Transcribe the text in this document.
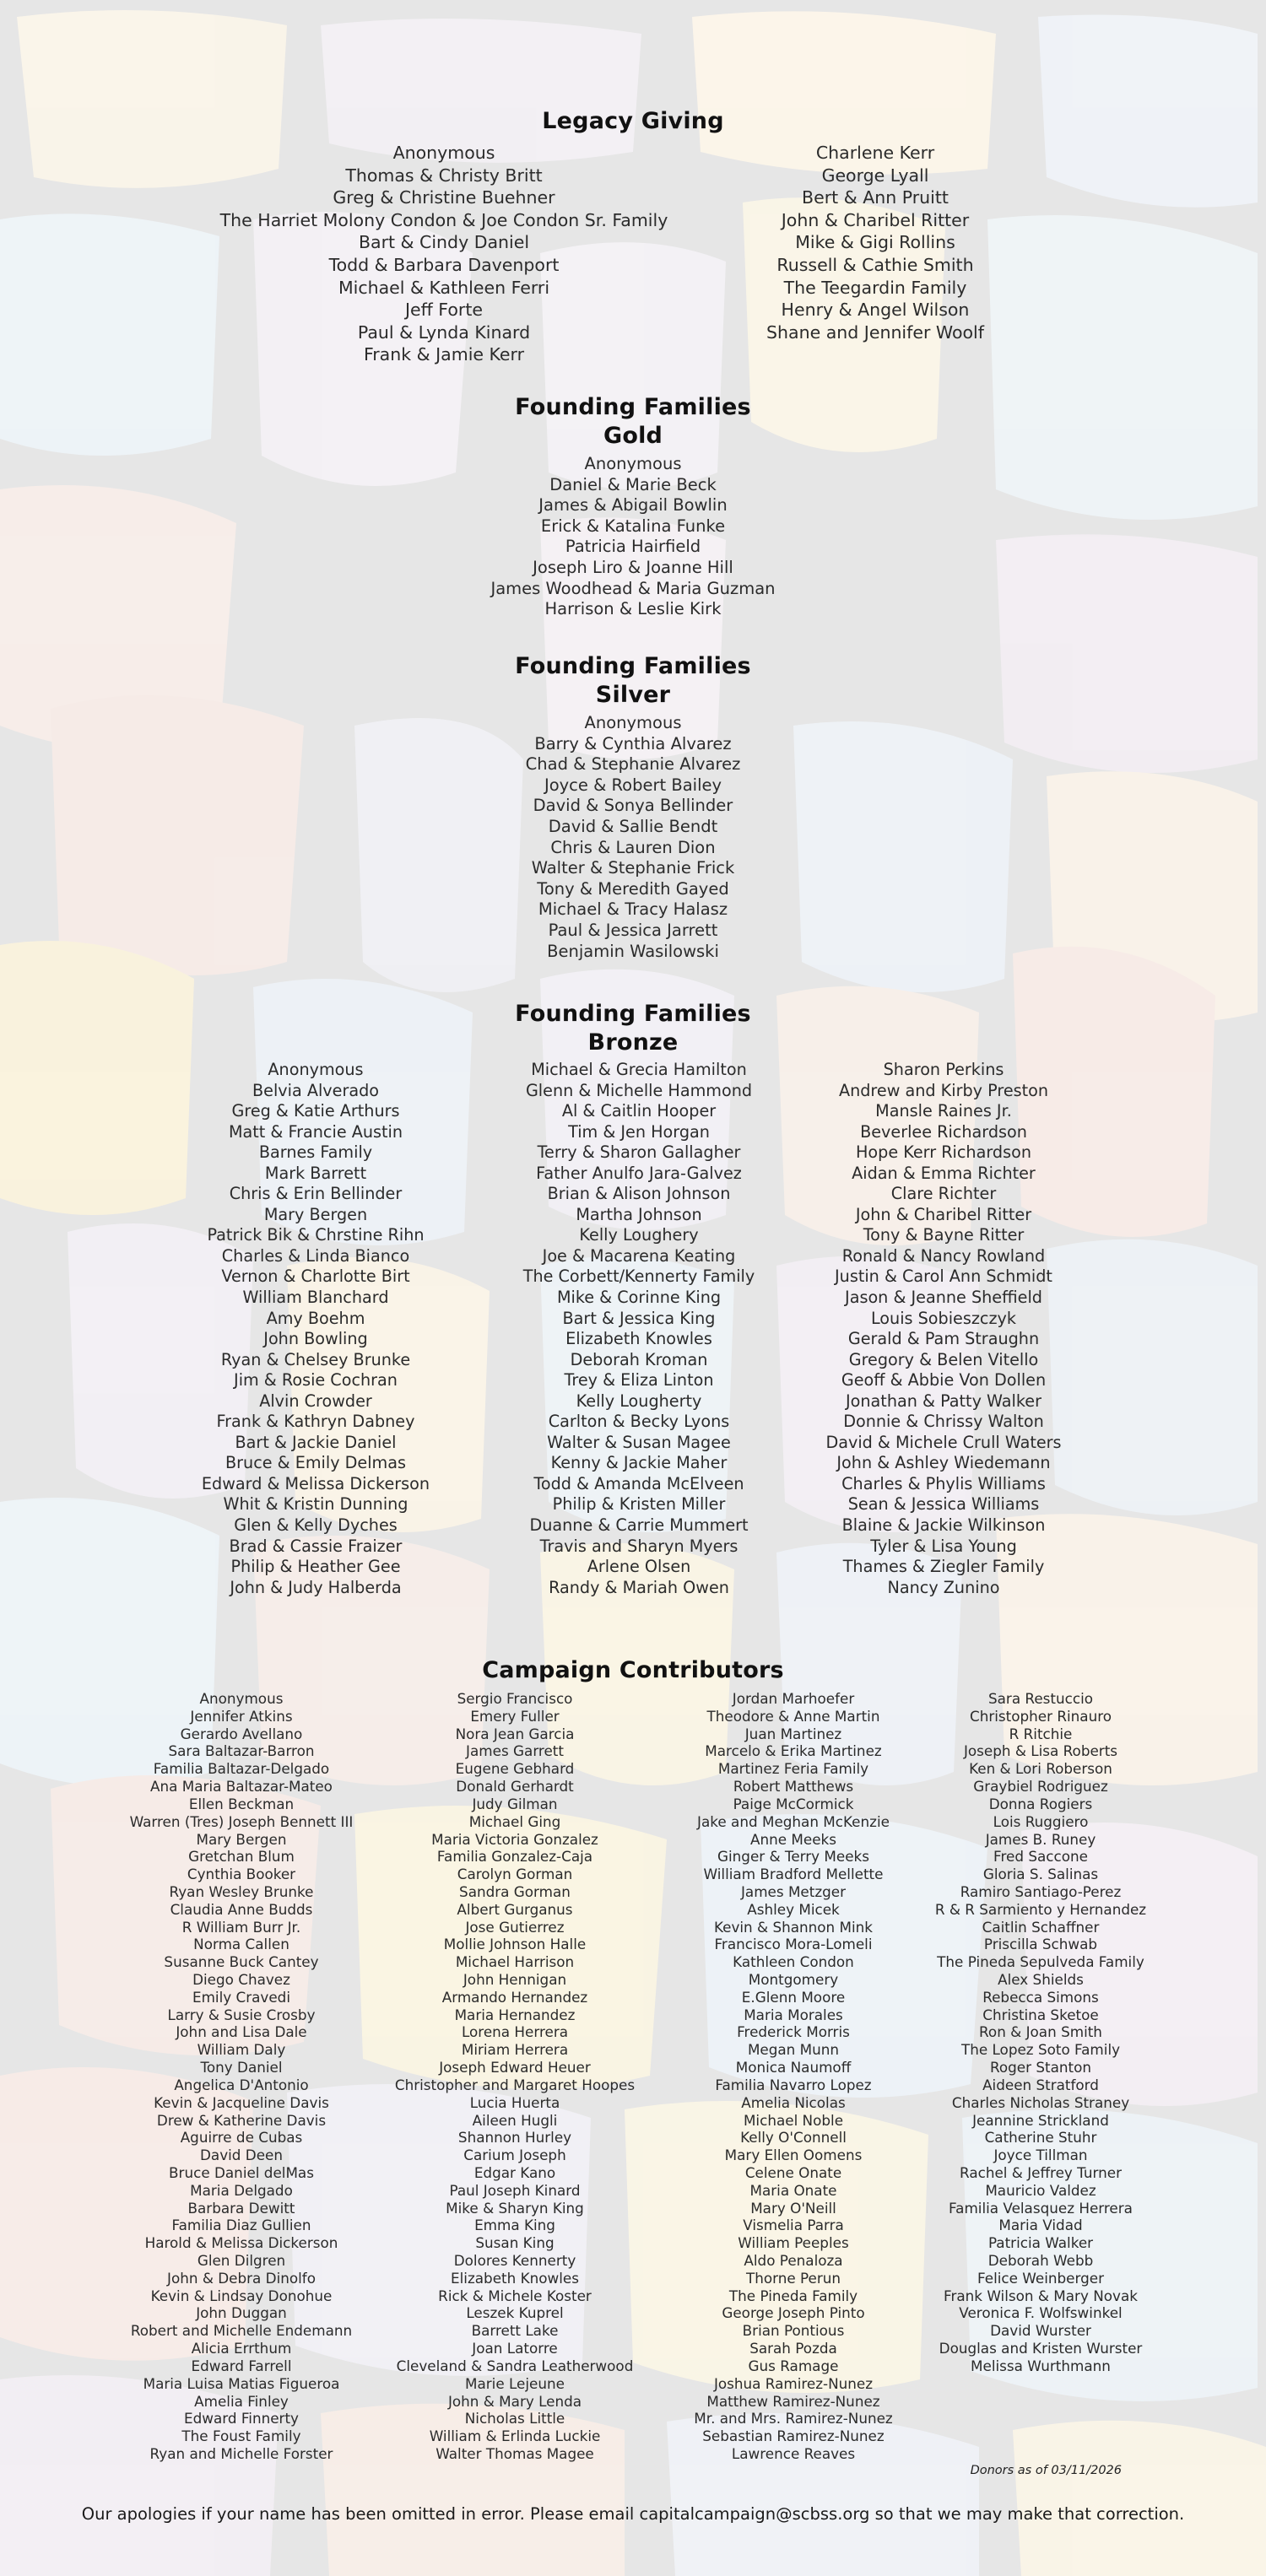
Legacy Giving
Anonymous
Thomas & Christy Britt
Greg & Christine Buehner
The Harriet Molony Condon & Joe Condon Sr. Family
Bart & Cindy Daniel
Todd & Barbara Davenport
Michael & Kathleen Ferri
Jeff Forte
Paul & Lynda Kinard
Frank & Jamie Kerr
Charlene Kerr
George Lyall
Bert & Ann Pruitt
John & Charibel Ritter
Mike & Gigi Rollins
Russell & Cathie Smith
The Teegardin Family
Henry & Angel Wilson
Shane and Jennifer Woolf
Founding Families
Gold
Anonymous
Daniel & Marie Beck
James & Abigail Bowlin
Erick & Katalina Funke
Patricia Hairfield
Joseph Liro & Joanne Hill
James Woodhead & Maria Guzman
Harrison & Leslie Kirk
Founding Families
Silver
Anonymous
Barry & Cynthia Alvarez
Chad & Stephanie Alvarez
Joyce & Robert Bailey
David & Sonya Bellinder
David & Sallie Bendt
Chris & Lauren Dion
Walter & Stephanie Frick
Tony & Meredith Gayed
Michael & Tracy Halasz
Paul & Jessica Jarrett
Benjamin Wasilowski
Founding Families
Bronze
Anonymous
Belvia Alverado
Greg & Katie Arthurs
Matt & Francie Austin
Barnes Family
Mark Barrett
Chris & Erin Bellinder
Mary Bergen
Patrick Bik & Chrstine Rihn
Charles & Linda Bianco
Vernon & Charlotte Birt
William Blanchard
Amy Boehm
John Bowling
Ryan & Chelsey Brunke
Jim & Rosie Cochran
Alvin Crowder
Frank & Kathryn Dabney
Bart & Jackie Daniel
Bruce & Emily Delmas
Edward & Melissa Dickerson
Whit & Kristin Dunning
Glen & Kelly Dyches
Brad & Cassie Fraizer
Philip & Heather Gee
John & Judy Halberda
Michael & Grecia Hamilton
Glenn & Michelle Hammond
Al & Caitlin Hooper
Tim & Jen Horgan
Terry & Sharon Gallagher
Father Anulfo Jara-Galvez
Brian & Alison Johnson
Martha Johnson
Kelly Loughery
Joe & Macarena Keating
The Corbett/Kennerty Family
Mike & Corinne King
Bart & Jessica King
Elizabeth Knowles
Deborah Kroman
Trey & Eliza Linton
Kelly Lougherty
Carlton & Becky Lyons
Walter & Susan Magee
Kenny & Jackie Maher
Todd & Amanda McElveen
Philip & Kristen Miller
Duanne & Carrie Mummert
Travis and Sharyn Myers
Arlene Olsen
Randy & Mariah Owen
Sharon Perkins
Andrew and Kirby Preston
Mansle Raines Jr.
Beverlee Richardson
Hope Kerr Richardson
Aidan & Emma Richter
Clare Richter
John & Charibel Ritter
Tony & Bayne Ritter
Ronald & Nancy Rowland
Justin & Carol Ann Schmidt
Jason & Jeanne Sheffield
Louis Sobieszczyk
Gerald & Pam Straughn
Gregory & Belen Vitello
Geoff & Abbie Von Dollen
Jonathan & Patty Walker
Donnie & Chrissy Walton
David & Michele Crull Waters
John & Ashley Wiedemann
Charles & Phylis Williams
Sean & Jessica Williams
Blaine & Jackie Wilkinson
Tyler & Lisa Young
Thames & Ziegler Family
Nancy Zunino
Campaign Contributors
Anonymous
Jennifer Atkins
Gerardo Avellano
Sara Baltazar-Barron
Familia Baltazar-Delgado
Ana Maria Baltazar-Mateo
Ellen Beckman
Warren (Tres) Joseph Bennett III
Mary Bergen
Gretchan Blum
Cynthia Booker
Ryan Wesley Brunke
Claudia Anne Budds
R William Burr Jr.
Norma Callen
Susanne Buck Cantey
Diego Chavez
Emily Cravedi
Larry & Susie Crosby
John and Lisa Dale
William Daly
Tony Daniel
Angelica D'Antonio
Kevin & Jacqueline Davis
Drew & Katherine Davis
Aguirre de Cubas
David Deen
Bruce Daniel delMas
Maria Delgado
Barbara Dewitt
Familia Diaz Gullien
Harold & Melissa Dickerson
Glen Dilgren
John & Debra Dinolfo
Kevin & Lindsay Donohue
John Duggan
Robert and Michelle Endemann
Alicia Errthum
Edward Farrell
Maria Luisa Matias Figueroa
Amelia Finley
Edward Finnerty
The Foust Family
Ryan and Michelle Forster
Sergio Francisco
Emery Fuller
Nora Jean Garcia
James Garrett
Eugene Gebhard
Donald Gerhardt
Judy Gilman
Michael Ging
Maria Victoria Gonzalez
Familia Gonzalez-Caja
Carolyn Gorman
Sandra Gorman
Albert Gurganus
Jose Gutierrez
Mollie Johnson Halle
Michael Harrison
John Hennigan
Armando Hernandez
Maria Hernandez
Lorena Herrera
Miriam Herrera
Joseph Edward Heuer
Christopher and Margaret Hoopes
Lucia Huerta
Aileen Hugli
Shannon Hurley
Carium Joseph
Edgar Kano
Paul Joseph Kinard
Mike & Sharyn King
Emma King
Susan King
Dolores Kennerty
Elizabeth Knowles
Rick & Michele Koster
Leszek Kuprel
Barrett Lake
Joan Latorre
Cleveland & Sandra Leatherwood
Marie Lejeune
John & Mary Lenda
Nicholas Little
William & Erlinda Luckie
Walter Thomas Magee
Jordan Marhoefer
Theodore & Anne Martin
Juan Martinez
Marcelo & Erika Martinez
Martinez Feria Family
Robert Matthews
Paige McCormick
Jake and Meghan McKenzie
Anne Meeks
Ginger & Terry Meeks
William Bradford Mellette
James Metzger
Ashley Micek
Kevin & Shannon Mink
Francisco Mora-Lomeli
Kathleen Condon
Montgomery
E.Glenn Moore
Maria Morales
Frederick Morris
Megan Munn
Monica Naumoff
Familia Navarro Lopez
Amelia Nicolas
Michael Noble
Kelly O'Connell
Mary Ellen Oomens
Celene Onate
Maria Onate
Mary O'Neill
Vismelia Parra
William Peeples
Aldo Penaloza
Thorne Perun
The Pineda Family
George Joseph Pinto
Brian Pontious
Sarah Pozda
Gus Ramage
Joshua Ramirez-Nunez
Matthew Ramirez-Nunez
Mr. and Mrs. Ramirez-Nunez
Sebastian Ramirez-Nunez
Lawrence Reaves
Sara Restuccio
Christopher Rinauro
R Ritchie
Joseph & Lisa Roberts
Ken & Lori Roberson
Graybiel Rodriguez
Donna Rogiers
Lois Ruggiero
James B. Runey
Fred Saccone
Gloria S. Salinas
Ramiro Santiago-Perez
R & R Sarmiento y Hernandez
Caitlin Schaffner
Priscilla Schwab
The Pineda Sepulveda Family
Alex Shields
Rebecca Simons
Christina Sketoe
Ron & Joan Smith
The Lopez Soto Family
Roger Stanton
Aideen Stratford
Charles Nicholas Straney
Jeannine Strickland
Catherine Stuhr
Joyce Tillman
Rachel & Jeffrey Turner
Mauricio Valdez
Familia Velasquez Herrera
Maria Vidad
Patricia Walker
Deborah Webb
Felice Weinberger
Frank Wilson & Mary Novak
Veronica F. Wolfswinkel
David Wurster
Douglas and Kristen Wurster
Melissa Wurthmann
Donors as of 03/11/2026
Our apologies if your name has been omitted in error. Please email capitalcampaign@scbss.org so that we may make that correction.
